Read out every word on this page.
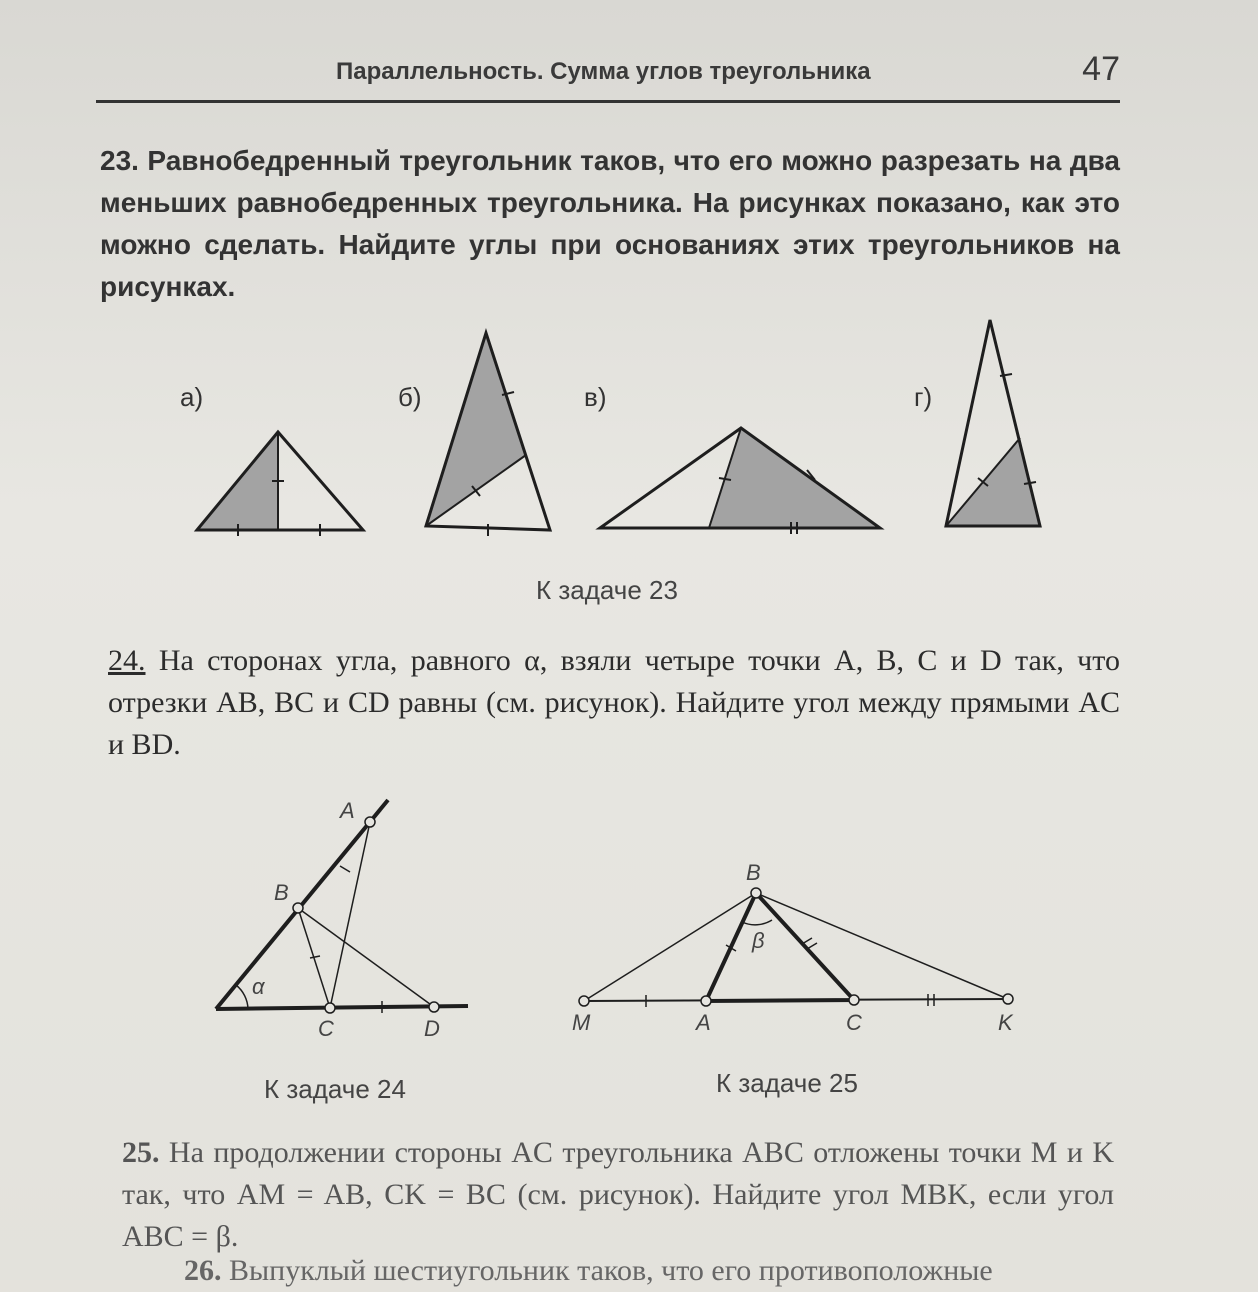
Параллельность. Сумма углов треугольника	47
23. Равнобедренный треугольник таков, что его можно разрезать на два меньших равнобедренных треугольника. На рисунках показано, как это можно сделать. Найдите углы при основаниях этих треугольников на рисунках.
а)	б)	в)	г)
К задаче 23
24. На сторонах угла, равного α, взяли четыре точки A, B, C и D так, что отрезки AB, BC и CD равны (см. рисунок). Найдите угол между прямыми AC и BD.
A
B
C	D
α
B
β
M	A	C	K
К задаче 24	К задаче 25
25. На продолжении стороны AC треугольника ABC отложены точки M и K так, что AM = AB, CK = BC (см. рисунок). Найдите угол MBK, если угол ABC = β.
26. Выпуклый шестиугольник таков, что его противоположные
